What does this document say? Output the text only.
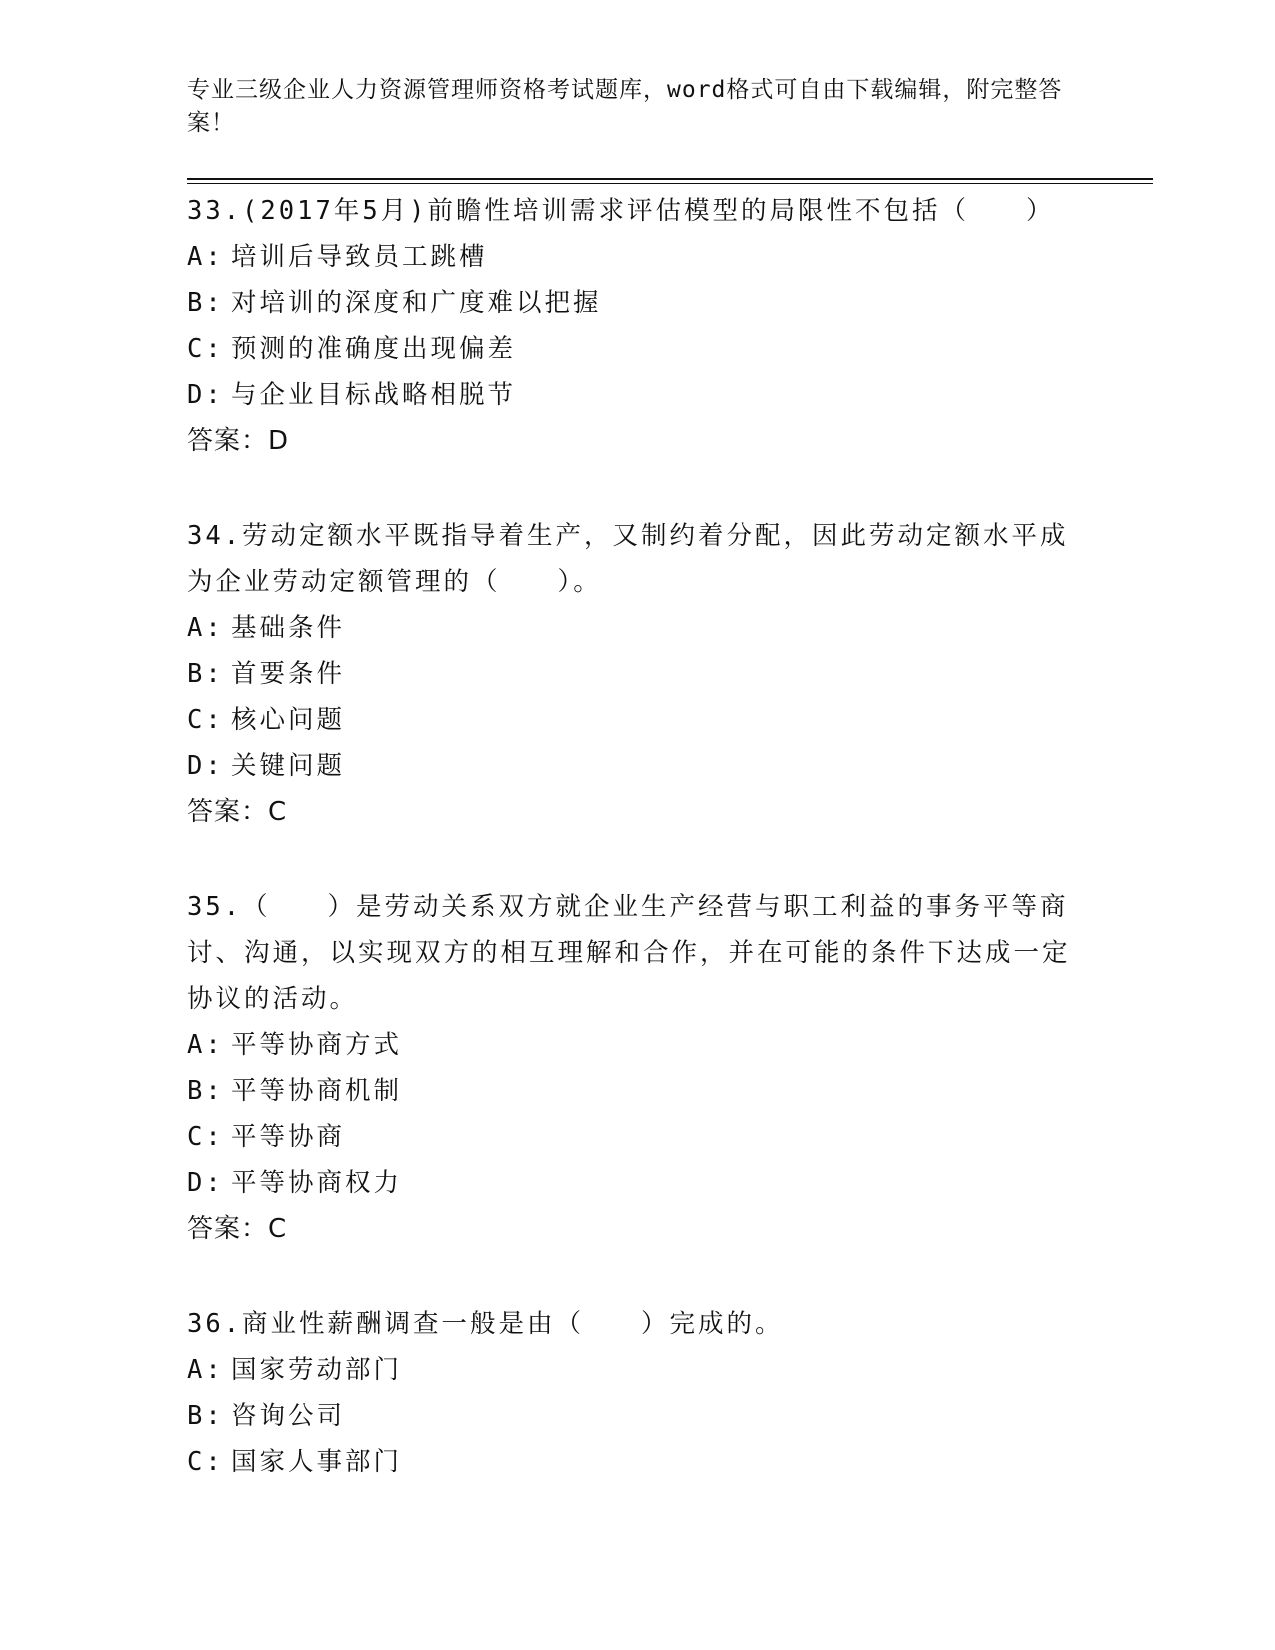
专业三级企业人力资源管理师资格考试题库，word格式可自由下载编辑，附完整答案！
33.(2017年5月)前瞻性培训需求评估模型的局限性不包括（　　）
A: 培训后导致员工跳槽
B: 对培训的深度和广度难以把握
C: 预测的准确度出现偏差
D: 与企业目标战略相脱节
答案：D
34.劳动定额水平既指导着生产，又制约着分配，因此劳动定额水平成为企业劳动定额管理的（　　）。
A: 基础条件
B: 首要条件
C: 核心问题
D: 关键问题
答案：C
35.（　　）是劳动关系双方就企业生产经营与职工利益的事务平等商讨、沟通，以实现双方的相互理解和合作，并在可能的条件下达成一定协议的活动。
A: 平等协商方式
B: 平等协商机制
C: 平等协商
D: 平等协商权力
答案：C
36.商业性薪酬调查一般是由（　　）完成的。
A: 国家劳动部门
B: 咨询公司
C: 国家人事部门
